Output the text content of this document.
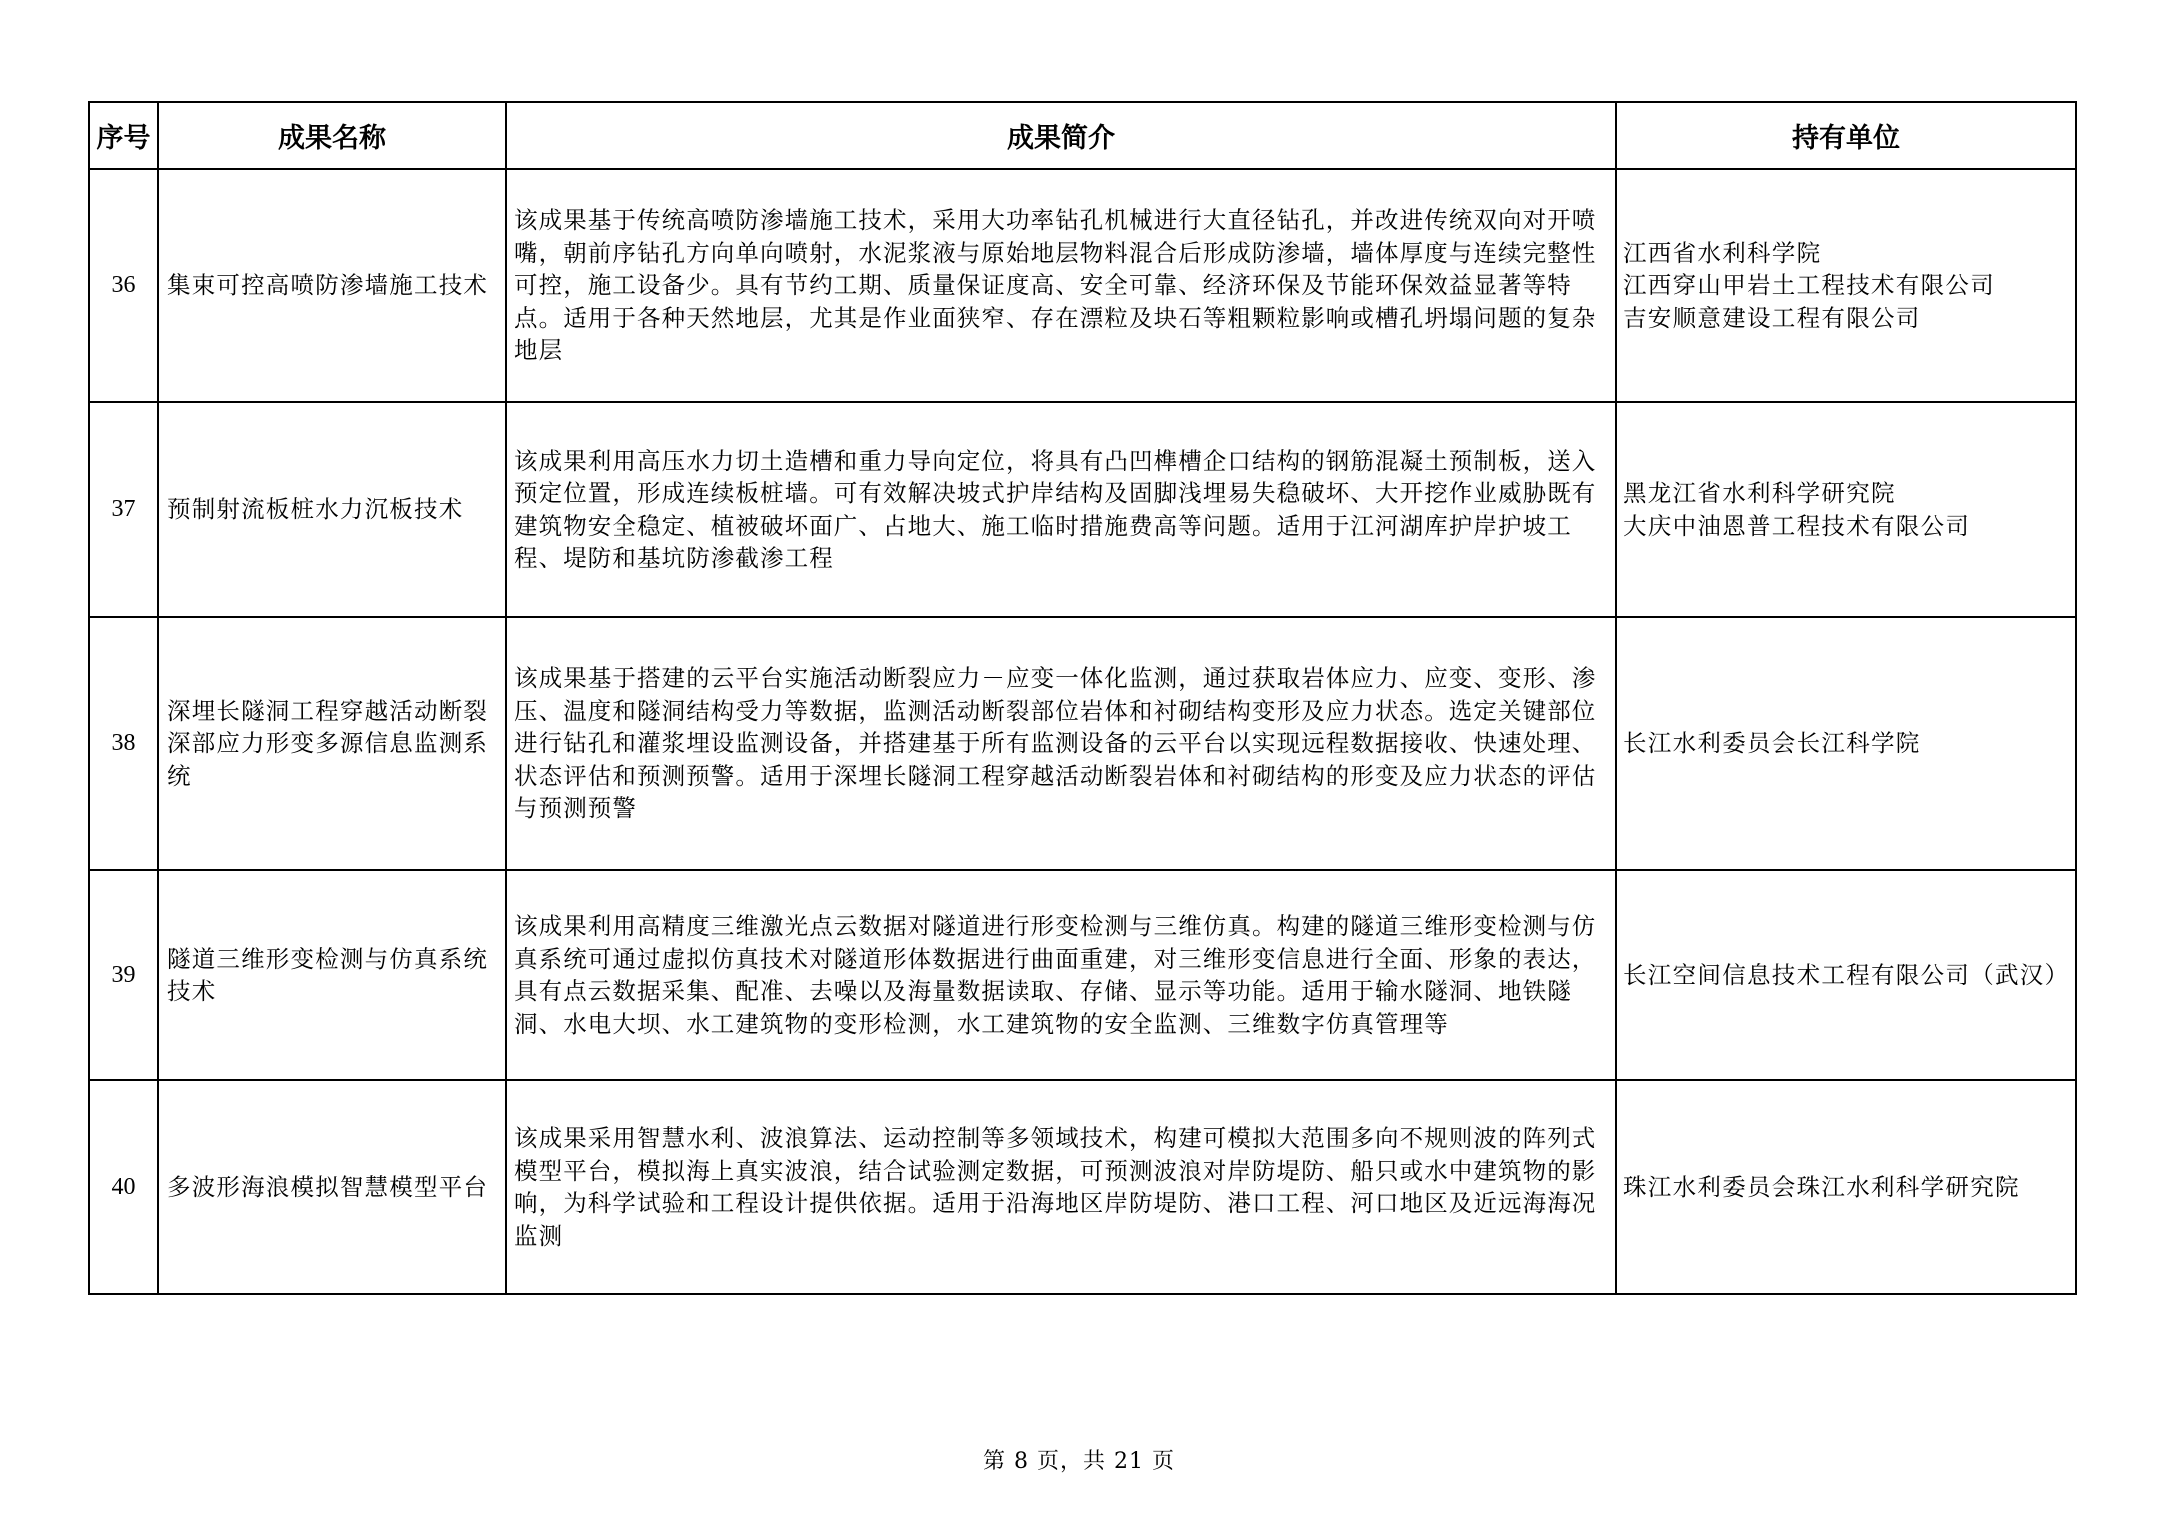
序号	成果名称	成果简介	持有单位
36	集束可控高喷防渗墙施工技术	该成果基于传统高喷防渗墙施工技术，采用大功率钻孔机械进行大直径钻孔，并改进传统双向对开喷嘴，朝前序钻孔方向单向喷射，水泥浆液与原始地层物料混合后形成防渗墙，墙体厚度与连续完整性可控，施工设备少。具有节约工期、质量保证度高、安全可靠、经济环保及节能环保效益显著等特点。适用于各种天然地层，尤其是作业面狭窄、存在漂粒及块石等粗颗粒影响或槽孔坍塌问题的复杂地层	江西省水利科学院
江西穿山甲岩土工程技术有限公司
吉安顺意建设工程有限公司

37	预制射流板桩水力沉板技术	该成果利用高压水力切土造槽和重力导向定位，将具有凸凹榫槽企口结构的钢筋混凝土预制板，送入预定位置，形成连续板桩墙。可有效解决坡式护岸结构及固脚浅埋易失稳破坏、大开挖作业威胁既有建筑物安全稳定、植被破坏面广、占地大、施工临时措施费高等问题。适用于江河湖库护岸护坡工程、堤防和基坑防渗截渗工程	黑龙江省水利科学研究院
大庆中油恩普工程技术有限公司

38	深埋长隧洞工程穿越活动断裂深部应力形变多源信息监测系统	该成果基于搭建的云平台实施活动断裂应力－应变一体化监测，通过获取岩体应力、应变、变形、渗压、温度和隧洞结构受力等数据，监测活动断裂部位岩体和衬砌结构变形及应力状态。选定关键部位进行钻孔和灌浆埋设监测设备，并搭建基于所有监测设备的云平台以实现远程数据接收、快速处理、状态评估和预测预警。适用于深埋长隧洞工程穿越活动断裂岩体和衬砌结构的形变及应力状态的评估与预测预警	长江水利委员会长江科学院

39	隧道三维形变检测与仿真系统技术	该成果利用高精度三维激光点云数据对隧道进行形变检测与三维仿真。构建的隧道三维形变检测与仿真系统可通过虚拟仿真技术对隧道形体数据进行曲面重建，对三维形变信息进行全面、形象的表达，具有点云数据采集、配准、去噪以及海量数据读取、存储、显示等功能。适用于输水隧洞、地铁隧洞、水电大坝、水工建筑物的变形检测，水工建筑物的安全监测、三维数字仿真管理等	长江空间信息技术工程有限公司（武汉）

40	多波形海浪模拟智慧模型平台	该成果采用智慧水利、波浪算法、运动控制等多领域技术，构建可模拟大范围多向不规则波的阵列式模型平台，模拟海上真实波浪，结合试验测定数据，可预测波浪对岸防堤防、船只或水中建筑物的影响，为科学试验和工程设计提供依据。适用于沿海地区岸防堤防、港口工程、河口地区及近远海海况监测	珠江水利委员会珠江水利科学研究院
第 8 页，共 21 页
